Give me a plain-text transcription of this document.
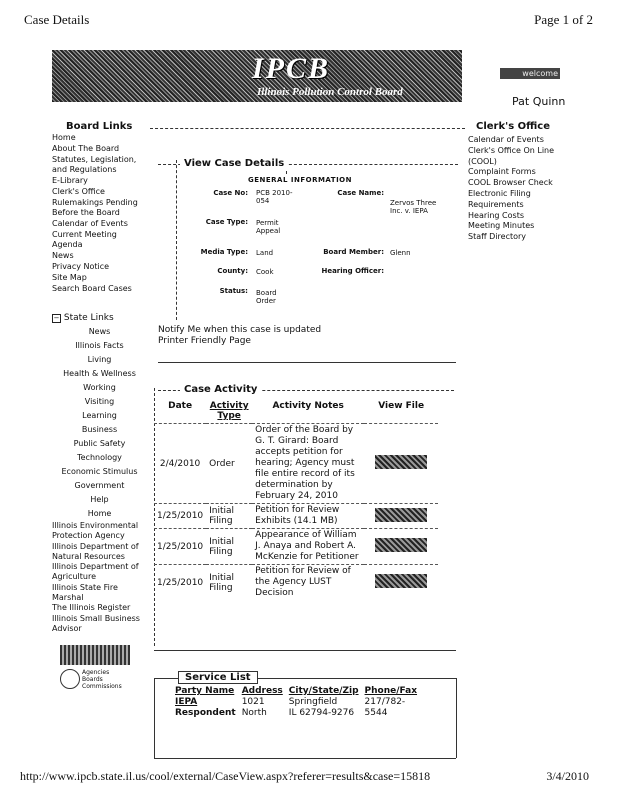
Case Details	Page 1 of 2
IPCB
Illinois Pollution Control Board
welcome
Pat Quinn
Board Links
Home
About The Board
Statutes, Legislation, and Regulations
E-Library
Clerk's Office
Rulemakings Pending Before the Board
Calendar of Events
Current Meeting Agenda
News
Privacy Notice
Site Map
Search Board Cases
− State Links
News
Illinois Facts
Living
Health & Wellness
Working
Visiting
Learning
Business
Public Safety
Technology
Economic Stimulus
Government
Help
Home
Illinois Environmental Protection Agency
Illinois Department of Natural Resources
Illinois Department of Agriculture
Illinois State Fire Marshal
The Illinois Register
Illinois Small Business Advisor
Agencies Boards Commissions
Clerk's Office
Calendar of Events
Clerk's Office On Line (COOL)
Complaint Forms
COOL Browser Check
Electronic Filing Requirements
Hearing Costs
Meeting Minutes
Staff Directory
View Case Details
GENERAL INFORMATION
Case No: PCB 2010-054
Case Name:
Zervos Three Inc. v. IEPA
Case Type: Permit Appeal
Media Type: Land	Board Member: Glenn
County: Cook	Hearing Officer:
Status: Board Order
Notify Me when this case is updated
Printer Friendly Page
Case Activity
Date	Activity Type	Activity Notes	View File
2/4/2010	Order	Order of the Board by G. T. Girard: Board accepts petition for hearing; Agency must file entire record of its determination by February 24, 2010	
1/25/2010	Initial Filing	Petition for Review Exhibits (14.1 MB)	
1/25/2010	Initial Filing	Appearance of William J. Anaya and Robert A. McKenzie for Petitioner	
1/25/2010	Initial Filing	Petition for Review of the Agency LUST Decision	
Service List
Party Name	Address	City/State/Zip	Phone/Fax
IEPA	1021	Springfield	217/782-
Respondent	North	IL 62794-9276	5544
http://www.ipcb.state.il.us/cool/external/CaseView.aspx?referer=results&case=15818	3/4/2010
